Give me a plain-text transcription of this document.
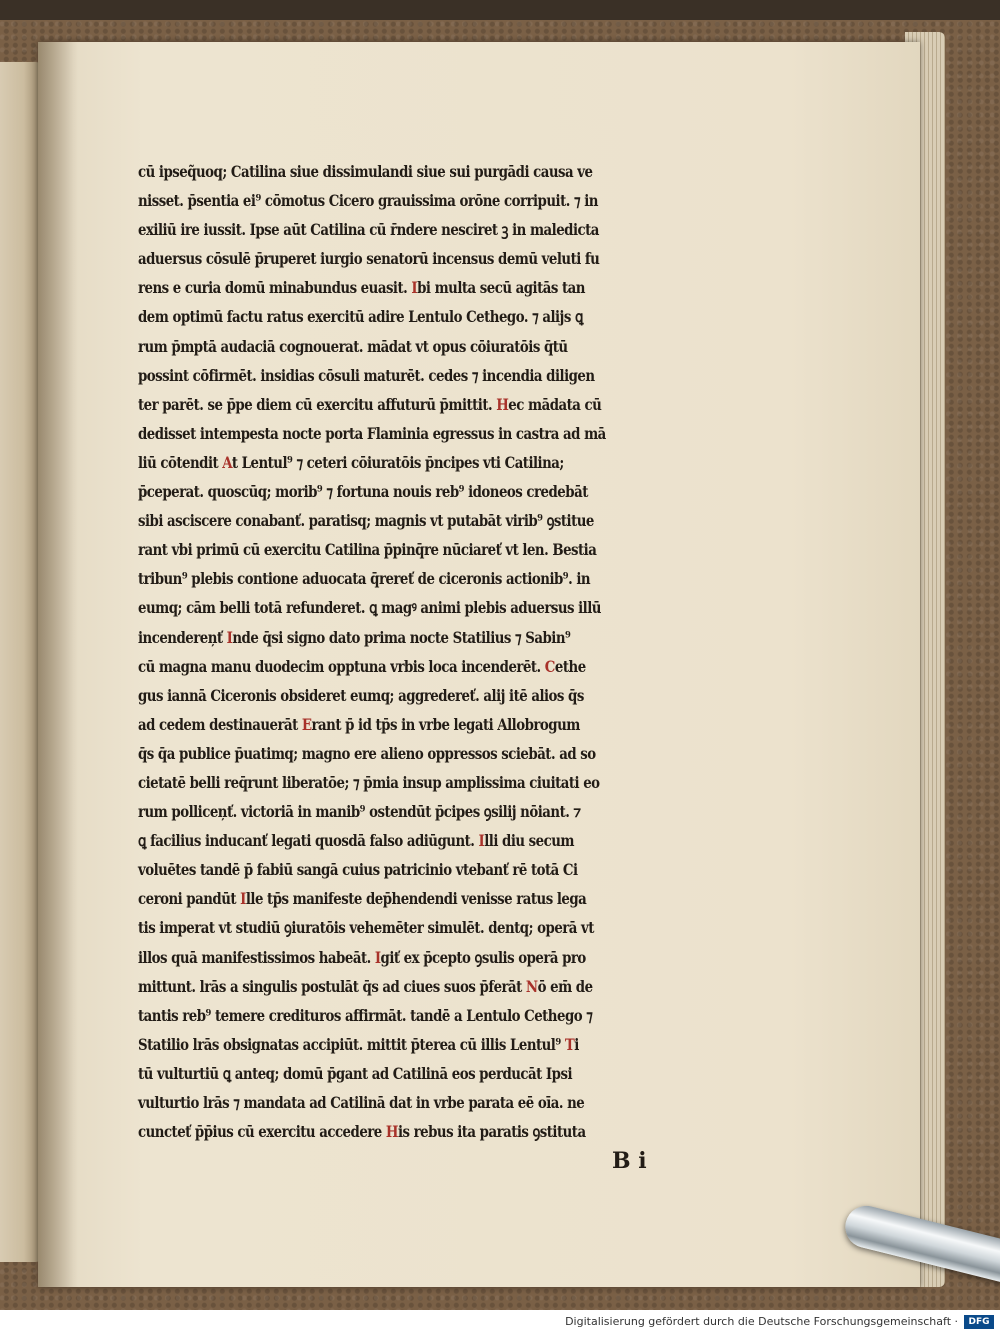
cū ipseq̃uoq; Catilina siue dissimulandi siue sui purgādi causa ve
nisset. p̄sentia ei⁹ cōmotus Cicero grauissima orōne corripuit. ⁊ in
exiliū ire iussit. Ipse aūt Catilina cū r̄ndere nesciret ꝫ in maledicta
aduersus cōsulē p̄ruperet iurgio senatorū incensus demū veluti fu
rens e curia domū minabundus euasit. Ibi multa secū agitās tan
dem optimū factu ratus exercitū adire Lentulo Cethego. ⁊ alijs ꝗ
rum p̄mptā audaciā cognouerat. mādat vt opus cōiuratōis q̄tū
possint cōfirmēt. insidias cōsuli maturēt. cedes ⁊ incendia diligen
ter parēt. se p̄pe diem cū exercitu affuturū p̄mittit. Hec mādata cū
dedisset intempesta nocte porta Flaminia egressus in castra ad mā
liū cōtendit At Lentul⁹ ⁊ ceteri cōiuratōis p̄ncipes vti Catilina;
p̄ceperat. quoscūq; morib⁹ ⁊ fortuna nouis reb⁹ idoneos credebāt
sibi asciscere conabanť. paratisq; magnis vt putabāt virib⁹ ꝯstitue
rant vbi primū cū exercitu Catilina p̄pinq̄re nūciareť vt len. Bestia
tribun⁹ plebis contione aduocata q̄rereť de ciceronis actionib⁹. in
eumq; cām belli totā refunderet. ꝗ magꝰ animi plebis aduersus illū
incendereņť Inde q̄si signo dato prima nocte Statilius ⁊ Sabin⁹
cū magna manu duodecim opptuna vrbis loca incenderēt. Cethe
gus iannā Ciceronis obsideret eumq; aggredereť. alij itē alios q̄s
ad cedem destinauerāt Erant p̄ id tp̄s in vrbe legati Allobrogum
q̄s q̄a publice p̄uatimq; magno ere alieno oppressos sciebāt. ad so
cietatē belli req̄runt liberatōe; ⁊ p̄mia insup amplissima ciuitati eo
rum polliceņť. victoriā in manib⁹ ostendūt p̄cipes ꝯsilij nōiant. ⁊
ꝗ facilius inducanť legati quosdā falso adiūgunt. Illi diu secum
voluētes tandē p̄ fabiū sangā cuius patricinio vtebanť rē totā Ci
ceroni pandūt Ille tp̄s manifeste dep̄hendendi venisse ratus lega
tis imperat vt studiū ꝯiuratōis vehemēter simulēt. dentq; operā vt
illos quā manifestissimos habeāt. Igiť ex p̄cepto ꝯsulis operā pro
mittunt. lrās a singulis postulāt q̄s ad ciues suos p̄ferāt Nō em̄ de
tantis reb⁹ temere credituros affirmāt. tandē a Lentulo Cethego ⁊
Statilio lrās obsignatas accipiūt. mittit p̄terea cū illis Lentul⁹ Ti
tū vulturtiū ꝗ anteq; domū p̄gant ad Catilinā eos perducāt Ipsi
vulturtio lrās ⁊ mandata ad Catilinā dat in vrbe parata eē oīa. ne
cuncteť p̄p̄ius cū exercitu accedere His rebus ita paratis ꝯstituta
B i
Digitalisierung gefördert durch die Deutsche Forschungsgemeinschaft ·	DFG
